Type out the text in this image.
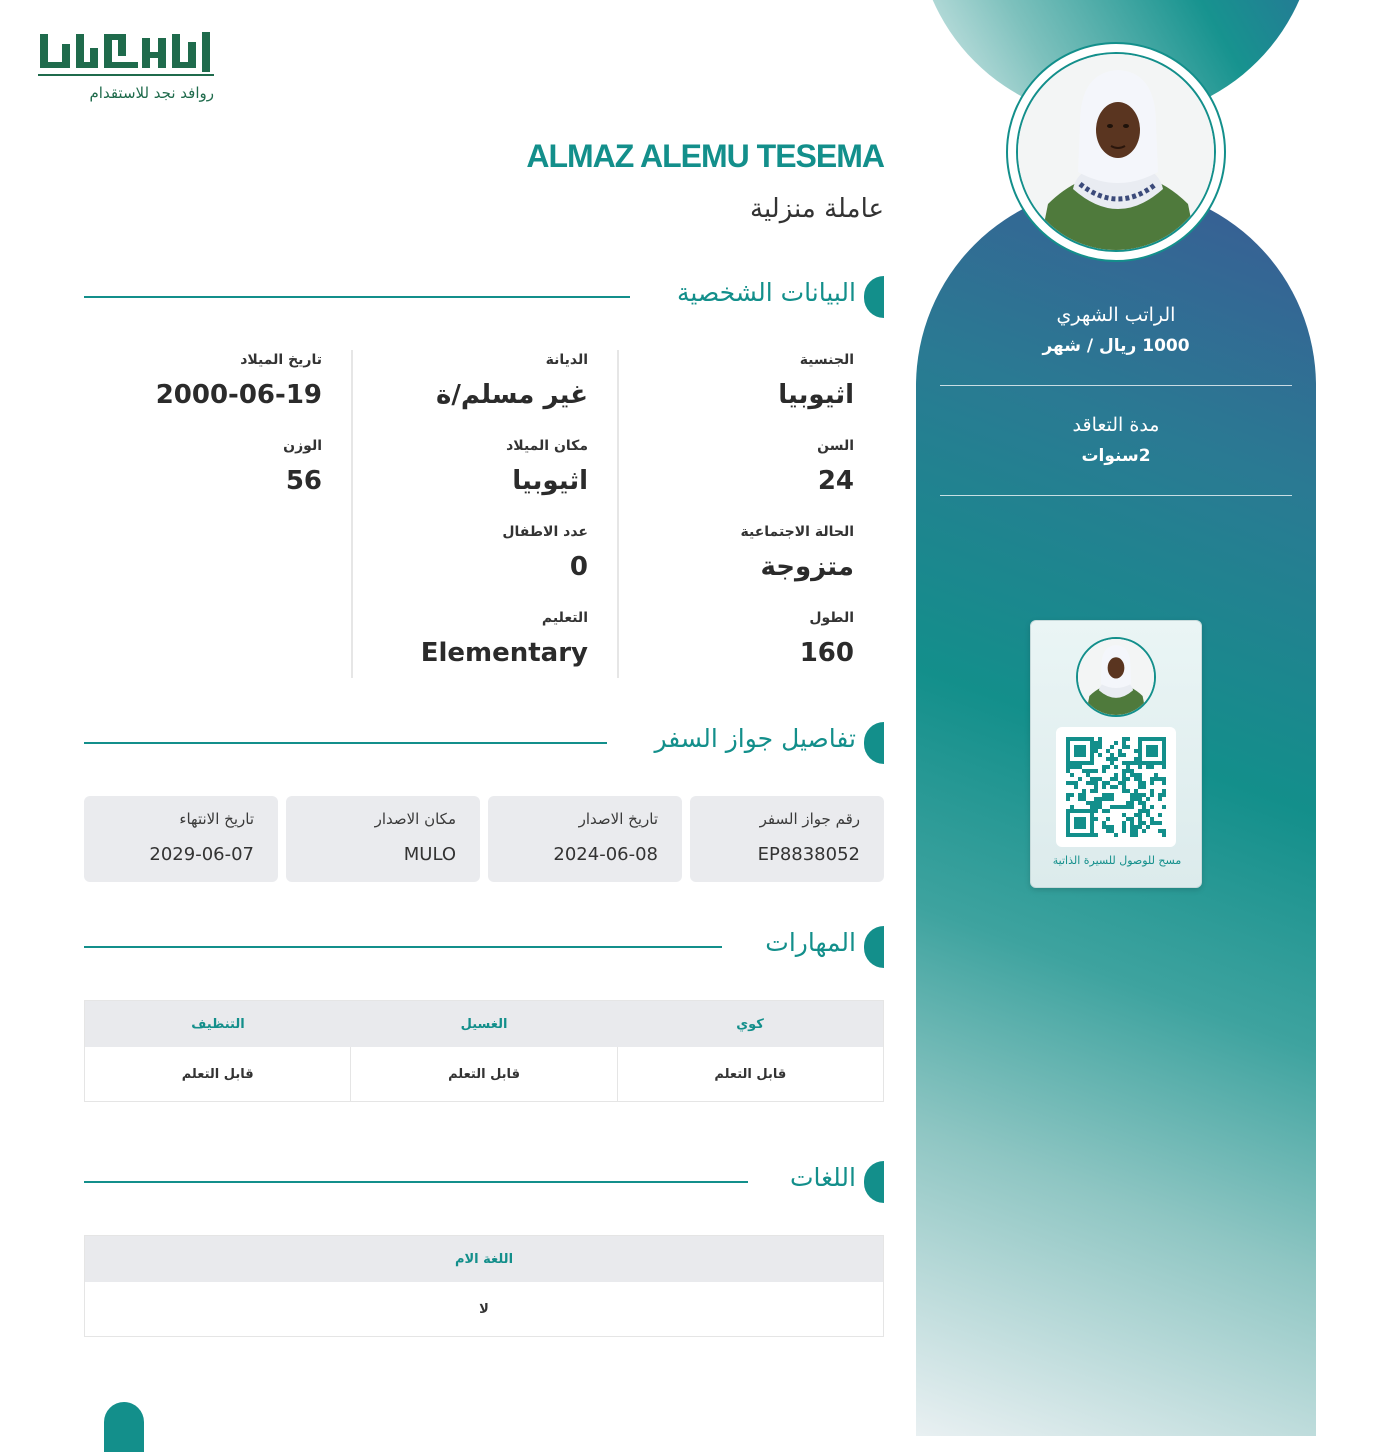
روافد نجد للاستقدام
الراتب الشهري
1000 ريال / شهر
مدة التعاقد
2سنوات
مسح للوصول للسيرة الذاتية
ALMAZ ALEMU TESEMA
عاملة منزلية
البيانات الشخصية
الجنسية
اثيوبيا
السن
24
الحالة الاجتماعية
متزوجة
الطول
160
الديانة
غير مسلم/ة
مكان الميلاد
اثيوبيا
عدد الاطفال
0
التعليم
Elementary
تاريخ الميلاد
2000-06-19
الوزن
56
تفاصيل جواز السفر
رقم جواز السفر
EP8838052
تاريخ الاصدار
2024-06-08
مكان الاصدار
MULO
تاريخ الانتهاء
2029-06-07
المهارات
كوي
الغسيل
التنظيف
قابل التعلم
قابل التعلم
قابل التعلم
اللغات
اللغة الام
لا
